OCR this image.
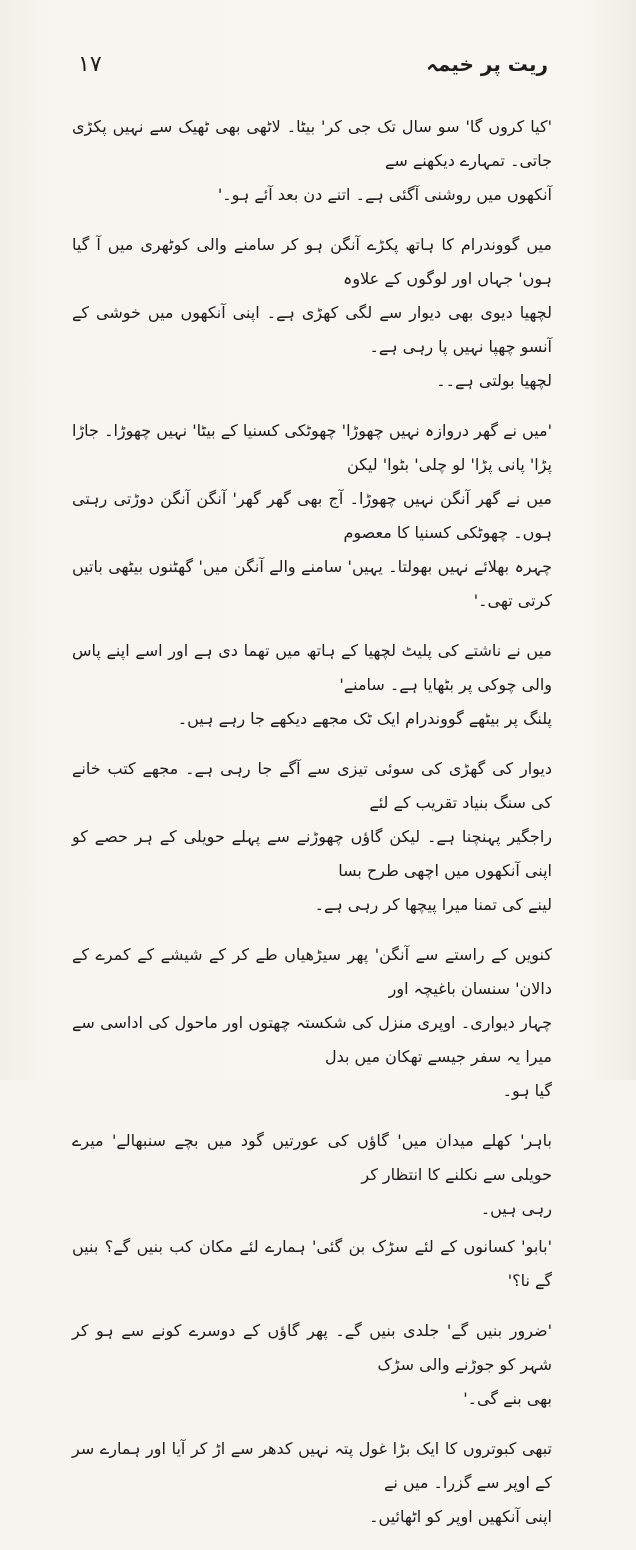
۱۷	ریت پر خیمہ

'کیا کروں گا' سو سال تک جی کر' بیٹا۔ لاٹھی بھی ٹھیک سے نہیں پکڑی جاتی۔ تمہارے دیکھنے سے
آنکھوں میں روشنی آگئی ہے۔ اتنے دن بعد آئے ہو۔'

میں گووندرام کا ہاتھ پکڑے آنگن ہو کر سامنے والی کوٹھری میں آ گیا ہوں' جہاں اور لوگوں کے علاوہ
لچھیا دیوی بھی دیوار سے لگی کھڑی ہے۔ اپنی آنکھوں میں خوشی کے آنسو چھپا نہیں پا رہی ہے۔
لچھیا بولتی ہے۔۔

'میں نے گھر دروازہ نہیں چھوڑا' چھوٹکی کسنیا کے بیٹا' نہیں چھوڑا۔ جاڑا پڑا' پانی پڑا' لو چلی' بٹوا' لیکن
میں نے گھر آنگن نہیں چھوڑا۔ آج بھی گھر گھر' آنگن آنگن دوڑتی رہتی ہوں۔ چھوٹکی کسنیا کا معصوم
چہرہ بھلائے نہیں بھولتا۔ یہیں' سامنے والے آنگن میں' گھٹنوں بیٹھی باتیں کرتی تھی۔'

میں نے ناشتے کی پلیٹ لچھیا کے ہاتھ میں تھما دی ہے اور اسے اپنے پاس والی چوکی پر بٹھایا ہے۔ سامنے'
پلنگ پر بیٹھے گووندرام ایک ٹک مجھے دیکھے جا رہے ہیں۔

دیوار کی گھڑی کی سوئی تیزی سے آگے جا رہی ہے۔ مجھے کتب خانے کی سنگ بنیاد تقریب کے لئے
راجگیر پہنچنا ہے۔ لیکن گاؤں چھوڑنے سے پہلے حویلی کے ہر حصے کو اپنی آنکھوں میں اچھی طرح بسا
لینے کی تمنا میرا پیچھا کر رہی ہے۔

کنویں کے راستے سے آنگن' پھر سیڑھیاں طے کر کے شیشے کے کمرے کے دالان' سنسان باغیچہ اور
چہار دیواری۔ اوپری منزل کی شکستہ چھتوں اور ماحول کی اداسی سے میرا یہ سفر جیسے تھکان میں بدل
گیا ہو۔

باہر' کھلے میدان میں' گاؤں کی عورتیں گود میں بچے سنبھالے' میرے حویلی سے نکلنے کا انتظار کر
رہی ہیں۔

'بابو' کسانوں کے لئے سڑک بن گئی' ہمارے لئے مکان کب بنیں گے؟ بنیں گے نا؟'

'ضرور بنیں گے' جلدی بنیں گے۔ پھر گاؤں کے دوسرے کونے سے ہو کر شہر کو جوڑنے والی سڑک
بھی بنے گی۔'

تبھی کبوتروں کا ایک بڑا غول پتہ نہیں کدھر سے اڑ کر آیا اور ہمارے سر کے اوپر سے گزرا۔ میں نے
اپنی آنکھیں اوپر کو اٹھائیں۔
